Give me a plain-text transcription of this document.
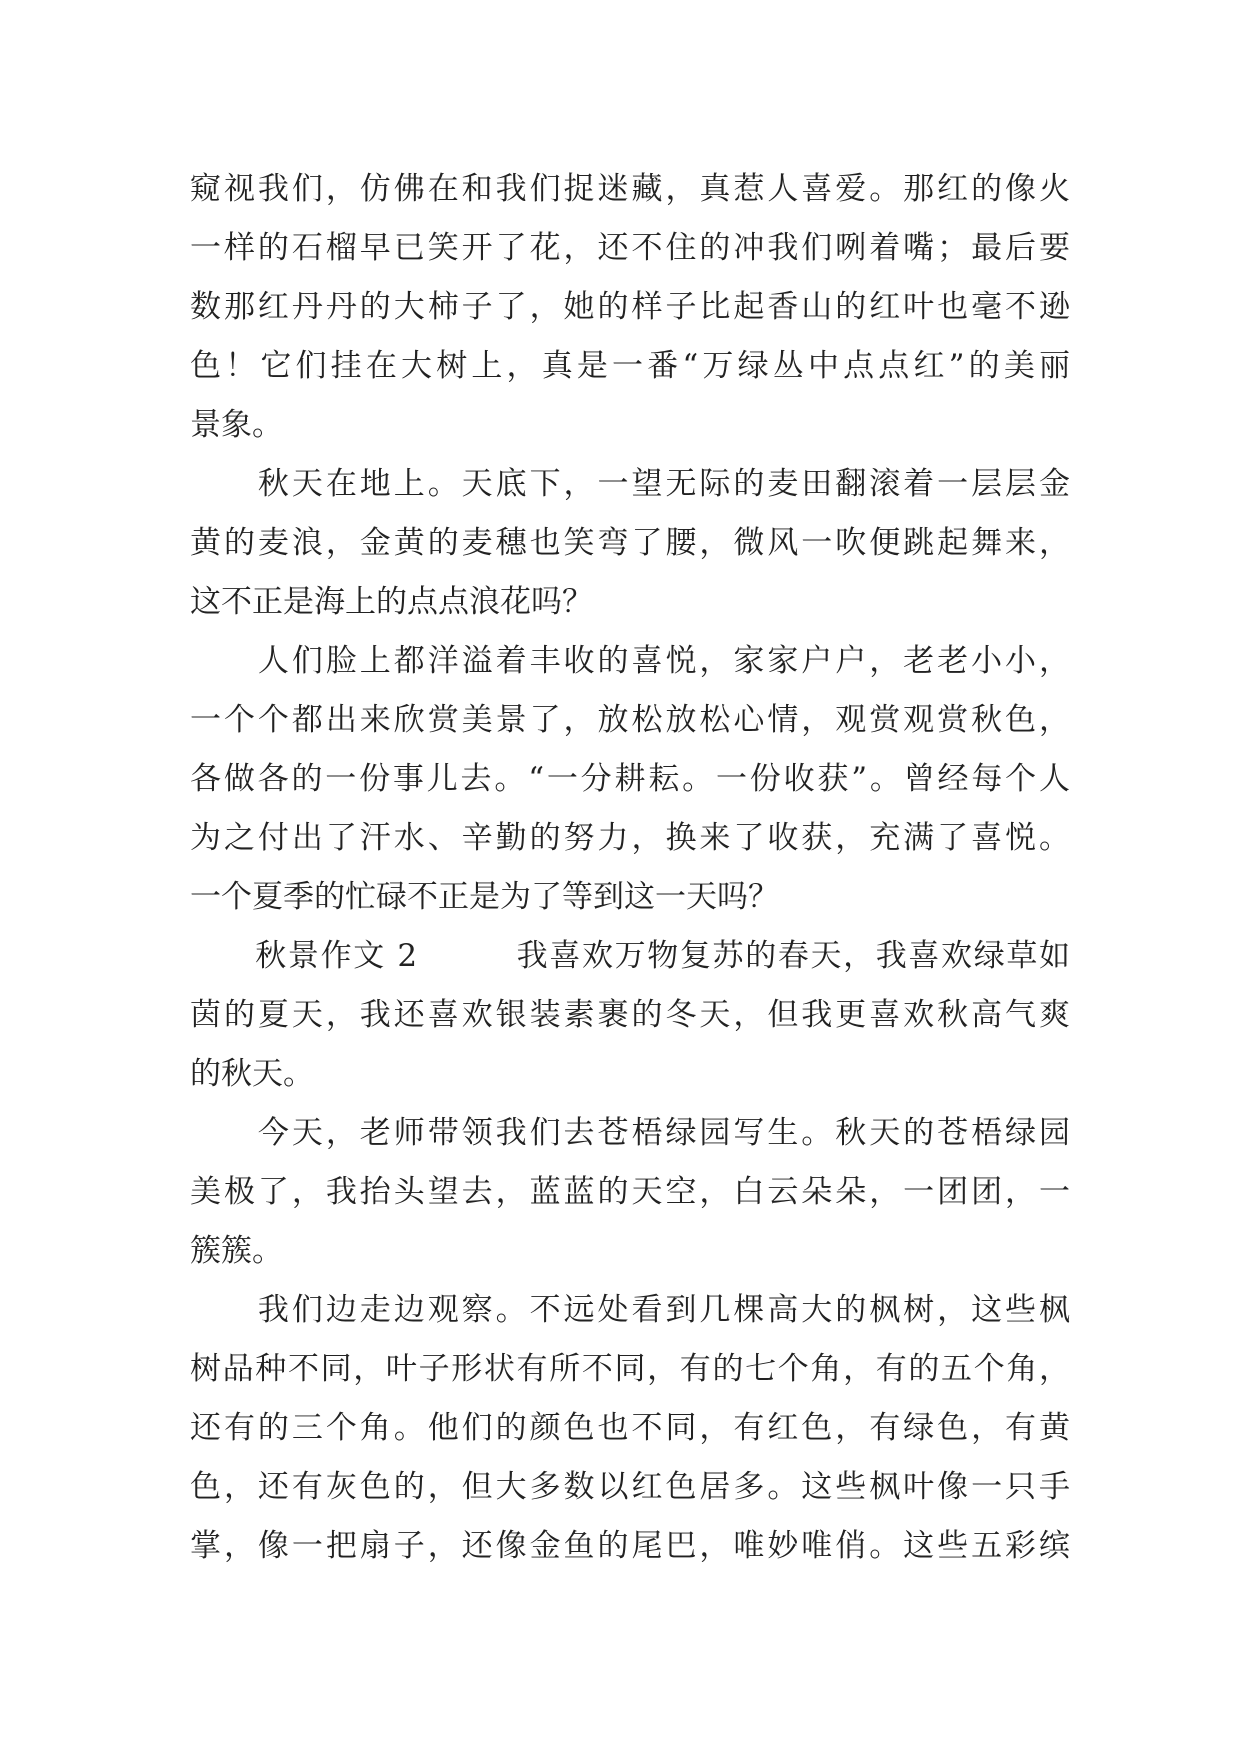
窥视我们，仿佛在和我们捉迷藏，真惹人喜爱。那红的像火
一样的石榴早已笑开了花，还不住的冲我们咧着嘴；最后要
数那红丹丹的大柿子了，她的样子比起香山的红叶也毫不逊
色！它们挂在大树上，真是一番“万绿丛中点点红”的美丽
景象。
　　秋天在地上。天底下，一望无际的麦田翻滚着一层层金
黄的麦浪，金黄的麦穗也笑弯了腰，微风一吹便跳起舞来，
这不正是海上的点点浪花吗？
　　人们脸上都洋溢着丰收的喜悦，家家户户，老老小小，
一个个都出来欣赏美景了，放松放松心情，观赏观赏秋色，
各做各的一份事儿去。“一分耕耘。一份收获”。曾经每个人
为之付出了汗水、辛勤的努力，换来了收获，充满了喜悦。
一个夏季的忙碌不正是为了等到这一天吗？
　　秋景作文 2　　　我喜欢万物复苏的春天，我喜欢绿草如
茵的夏天，我还喜欢银装素裹的冬天，但我更喜欢秋高气爽
的秋天。
　　今天，老师带领我们去苍梧绿园写生。秋天的苍梧绿园
美极了，我抬头望去，蓝蓝的天空，白云朵朵，一团团，一
簇簇。
　　我们边走边观察。不远处看到几棵高大的枫树，这些枫
树品种不同，叶子形状有所不同，有的七个角，有的五个角，
还有的三个角。他们的颜色也不同，有红色，有绿色，有黄
色，还有灰色的，但大多数以红色居多。这些枫叶像一只手
掌，像一把扇子，还像金鱼的尾巴，唯妙唯俏。这些五彩缤
